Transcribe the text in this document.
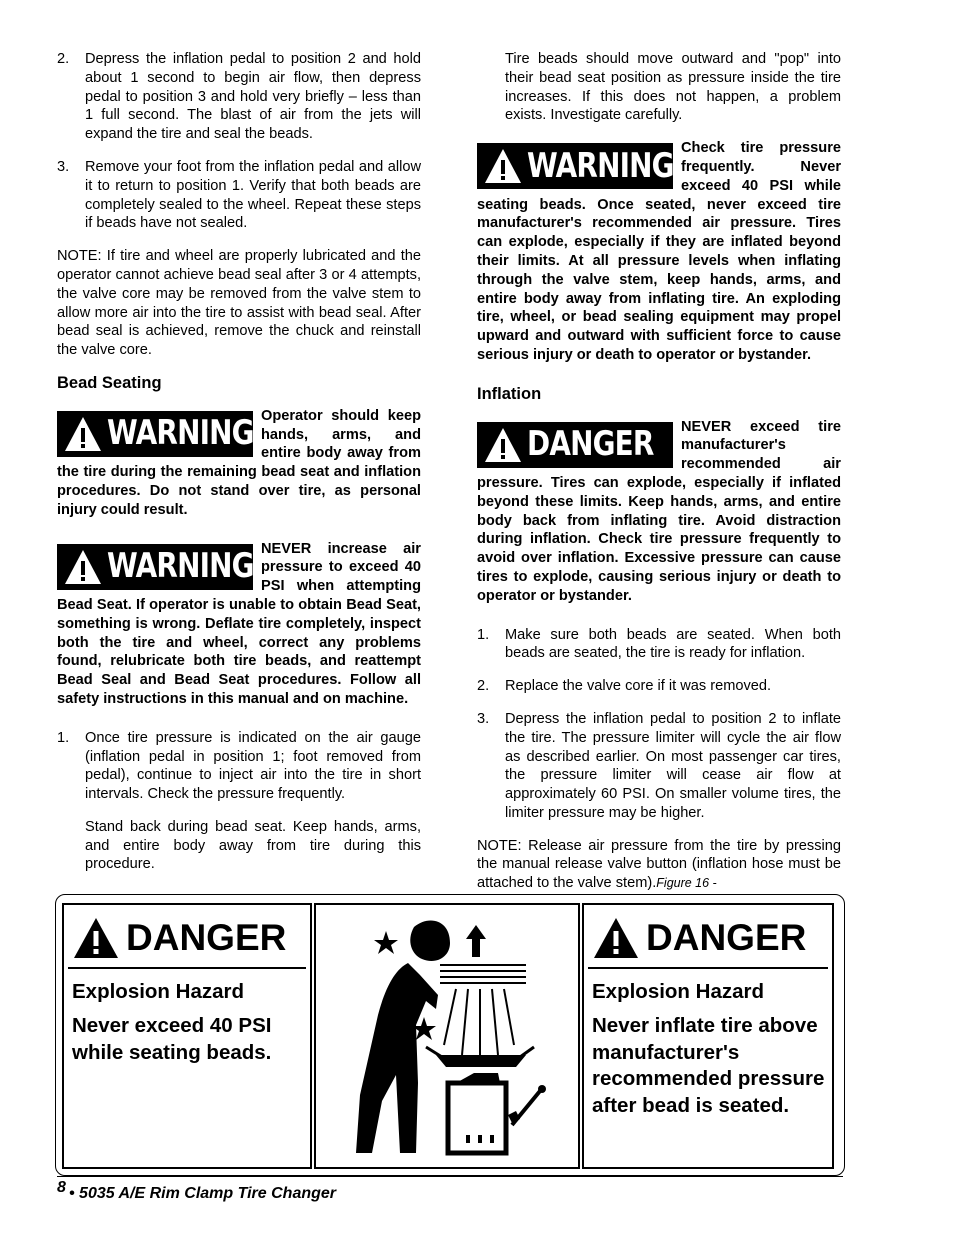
2. Depress the inflation pedal to position 2 and hold about 1 second to begin air flow, then depress pedal to position 3 and hold very briefly – less than 1 full second. The blast of air from the jets will expand the tire and seal the beads.
3. Remove your foot from the inflation pedal and allow it to return to position 1. Verify that both beads are completely sealed to the wheel. Repeat these steps if beads have not sealed.

NOTE: If tire and wheel are properly lubricated and the operator cannot achieve bead seal after 3 or 4 attempts, the valve core may be removed from the valve stem to allow more air into the tire to assist with bead seal. After bead seal is achieved, remove the chuck and reinstall the valve core.

Bead Seating
WARNING Operator should keep hands, arms, and entire body away from the tire during the remaining bead seat and inflation procedures. Do not stand over tire, as personal injury could result.
WARNING NEVER increase air pressure to exceed 40 PSI when attempting Bead Seat. If operator is unable to obtain Bead Seat, something is wrong. Deflate tire completely, inspect both the tire and wheel, correct any problems found, relubricate both tire beads, and reattempt Bead Seal and Bead Seat procedures. Follow all safety instructions in this manual and on machine.
1. Once tire pressure is indicated on the air gauge (inflation pedal in position 1; foot removed from pedal), continue to inject air into the tire in short intervals. Check the pressure frequently.
Stand back during bead seat. Keep hands, arms, and entire body away from tire during this procedure.
Tire beads should move outward and "pop" into their bead seat position as pressure inside the tire increases. If this does not happen, a problem exists. Investigate carefully.
WARNING Check tire pressure frequently. Never exceed 40 PSI while seating beads. Once seated, never exceed tire manufacturer's recommended air pressure. Tires can explode, especially if they are inflated beyond their limits. At all pressure levels when inflating through the valve stem, keep hands, arms, and entire body away from inflating tire. An exploding tire, wheel, or bead sealing equipment may propel upward and outward with sufficient force to cause serious injury or death to operator or bystander.
Inflation
DANGER NEVER exceed tire manufacturer's recommended air pressure. Tires can explode, especially if inflated beyond these limits. Keep hands, arms, and entire body back from inflating tire. Avoid distraction during inflation. Check tire pressure frequently to avoid over inflation. Excessive pressure can cause tires to explode, causing serious injury or death to operator or bystander.
1. Make sure both beads are seated. When both beads are seated, the tire is ready for inflation.
2. Replace the valve core if it was removed.
3. Depress the inflation pedal to position 2 to inflate the tire. The pressure limiter will cycle the air flow as described earlier. On most passenger car tires, the pressure limiter will cease air flow at approximately 60 PSI. On smaller volume tires, the limiter pressure may be higher.

NOTE: Release air pressure from the tire by pressing the manual release valve button (inflation hose must be attached to the valve stem).Figure 16 -

DANGER
Explosion Hazard
Never exceed 40 PSI while seating beads.
DANGER
Explosion Hazard
Never inflate tire above manufacturer's recommended pressure after bead is seated.
8 • 5035 A/E Rim Clamp Tire Changer
